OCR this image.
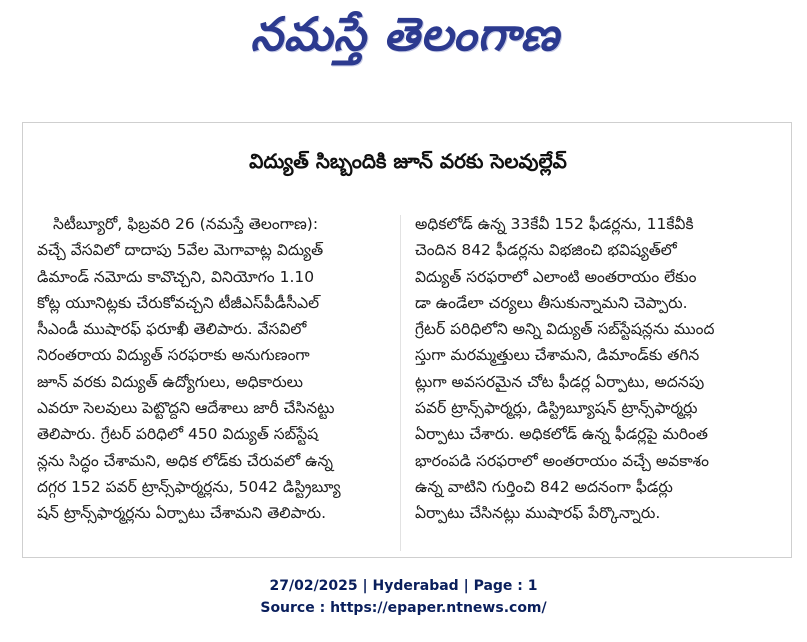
నమస్తే తెలంగాణ
విద్యుత్ సిబ్బందికి జూన్ వరకు సెలవుల్లేవ్
సిటీబ్యూరో, ఫిబ్రవరి 26 (నమస్తే తెలంగాణ):
వచ్చే వేసవిలో దాదాపు 5వేల మెగావాట్ల విద్యుత్
డిమాండ్ నమోదు కావొచ్చని, వినియోగం 1.10
కోట్ల యూనిట్లకు చేరుకోవచ్చని టీజీఎస్‌పీడీసీఎల్
సీఎండీ ముషారఫ్ ఫరూఖీ తెలిపారు. వేసవిలో
నిరంతరాయ విద్యుత్ సరఫరాకు అనుగుణంగా
జూన్ వరకు విద్యుత్ ఉద్యోగులు, అధికారులు
ఎవరూ సెలవులు పెట్టొద్దని ఆదేశాలు జారీ చేసినట్టు
తెలిపారు. గ్రేటర్ పరిధిలో 450 విద్యుత్ సబ్‌స్టేష
న్లను సిద్ధం చేశామని, అధిక లోడ్‌కు చేరువలో ఉన్న
దగ్గర 152 పవర్ ట్రాన్స్‌ఫార్మర్లను, 5042 డిస్ట్రిబ్యూ
షన్ ట్రాన్స్‌ఫార్మర్లను ఏర్పాటు చేశామని తెలిపారు.
అధికలోడ్ ఉన్న 33కేవీ 152 ఫీడర్లను, 11కేవీకి
చెందిన 842 ఫీడర్లను విభజించి భవిష్యత్‌లో
విద్యుత్ సరఫరాలో ఎలాంటి అంతరాయం లేకుం
డా ఉండేలా చర్యలు తీసుకున్నామని చెప్పారు.
గ్రేటర్ పరిధిలోని అన్ని విద్యుత్ సబ్‌స్టేషన్లను ముంద
స్తుగా మరమ్మత్తులు చేశామని, డిమాండ్‌కు తగిన
ట్లుగా అవసరమైన చోట ఫీడర్ల ఏర్పాటు, అదనపు
పవర్ ట్రాన్స్‌ఫార్మర్లు, డిస్ట్రిబ్యూషన్ ట్రాన్స్‌ఫార్మర్లు
ఏర్పాటు చేశారు. అధికలోడ్ ఉన్న ఫీడర్లపై మరింత
భారంపడి సరఫరాలో అంతరాయం వచ్చే అవకాశం
ఉన్న వాటిని గుర్తించి 842 అదనంగా ఫీడర్లు
ఏర్పాటు చేసినట్లు ముషారఫ్ పేర్కొన్నారు.
27/02/2025 | Hyderabad | Page : 1
Source : https://epaper.ntnews.com/
